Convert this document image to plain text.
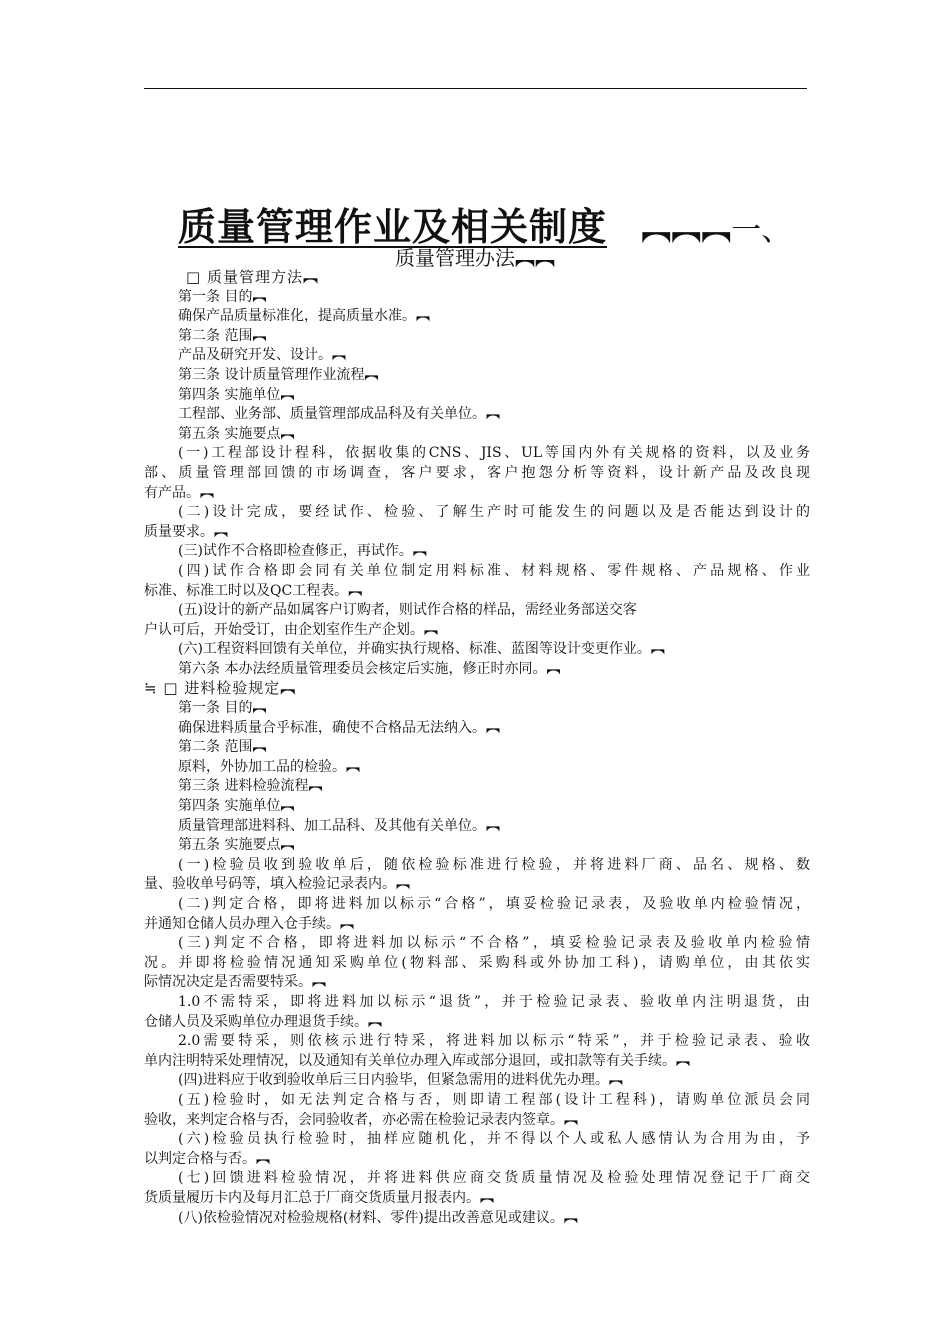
质量管理作业及相关制度 ︻︻︻一、
质量管理办法︻︻
□ 质量管理方法︻
第一条 目的︻
确保产品质量标准化，提高质量水准。︻
第二条 范围︻
产品及研究开发、设计。︻
第三条 设计质量管理作业流程︻
第四条 实施单位︻
工程部、业务部、质量管理部成品科及有关单位。︻
第五条 实施要点︻
(一)工程部设计程科，依据收集的CNS、JIS、UL等国内外有关规格的资料，以及业务
部、质量管理部回馈的市场调查，客户要求，客户抱怨分析等资料，设计新产品及改良现
有产品。︻
(二)设计完成，要经试作、检验、了解生产时可能发生的问题以及是否能达到设计的
质量要求。︻
(三)试作不合格即检查修正，再试作。︻
(四)试作合格即会同有关单位制定用料标准、材料规格、零件规格、产品规格、作业
标准、标准工时以及QC工程表。︻
(五)设计的新产品如属客户订购者，则试作合格的样品，需经业务部送交客
户认可后，开始受订，由企划室作生产企划。︻
(六)工程资料回馈有关单位，并确实执行规格、标准、蓝图等设计变更作业。︻
第六条 本办法经质量管理委员会核定后实施，修正时亦同。︻
≒ □ 进料检验规定︻
第一条 目的︻
确保进料质量合乎标准，确使不合格品无法纳入。︻
第二条 范围︻
原料，外协加工品的检验。︻
第三条 进料检验流程︻
第四条 实施单位︻
质量管理部进料科、加工品科、及其他有关单位。︻
第五条 实施要点︻
(一)检验员收到验收单后，随依检验标准进行检验，并将进料厂商、品名、规格、数
量、验收单号码等，填入检验记录表内。︻
(二)判定合格，即将进料加以标示“合格”，填妥检验记录表，及验收单内检验情况，
并通知仓储人员办理入仓手续。︻
(三)判定不合格，即将进料加以标示“不合格”，填妥检验记录表及验收单内检验情
况。并即将检验情况通知采购单位(物料部、采购科或外协加工科)，请购单位，由其依实
际情况决定是否需要特采。︻
1.0不需特采，即将进料加以标示“退货”，并于检验记录表、验收单内注明退货，由
仓储人员及采购单位办理退货手续。︻
2.0需要特采，则依核示进行特采，将进料加以标示“特采”，并于检验记录表、验收
单内注明特采处理情况，以及通知有关单位办理入库或部分退回，或扣款等有关手续。︻
(四)进料应于收到验收单后三日内验毕，但紧急需用的进料优先办理。︻
(五)检验时，如无法判定合格与否，则即请工程部(设计工程科)，请购单位派员会同
验收，来判定合格与否，会同验收者，亦必需在检验记录表内签章。︻
(六)检验员执行检验时，抽样应随机化，并不得以个人或私人感情认为合用为由，予
以判定合格与否。︻
(七)回馈进料检验情况，并将进料供应商交货质量情况及检验处理情况登记于厂商交
货质量履历卡内及每月汇总于厂商交货质量月报表内。︻
(八)依检验情况对检验规格(材料、零件)提出改善意见或建议。︻
